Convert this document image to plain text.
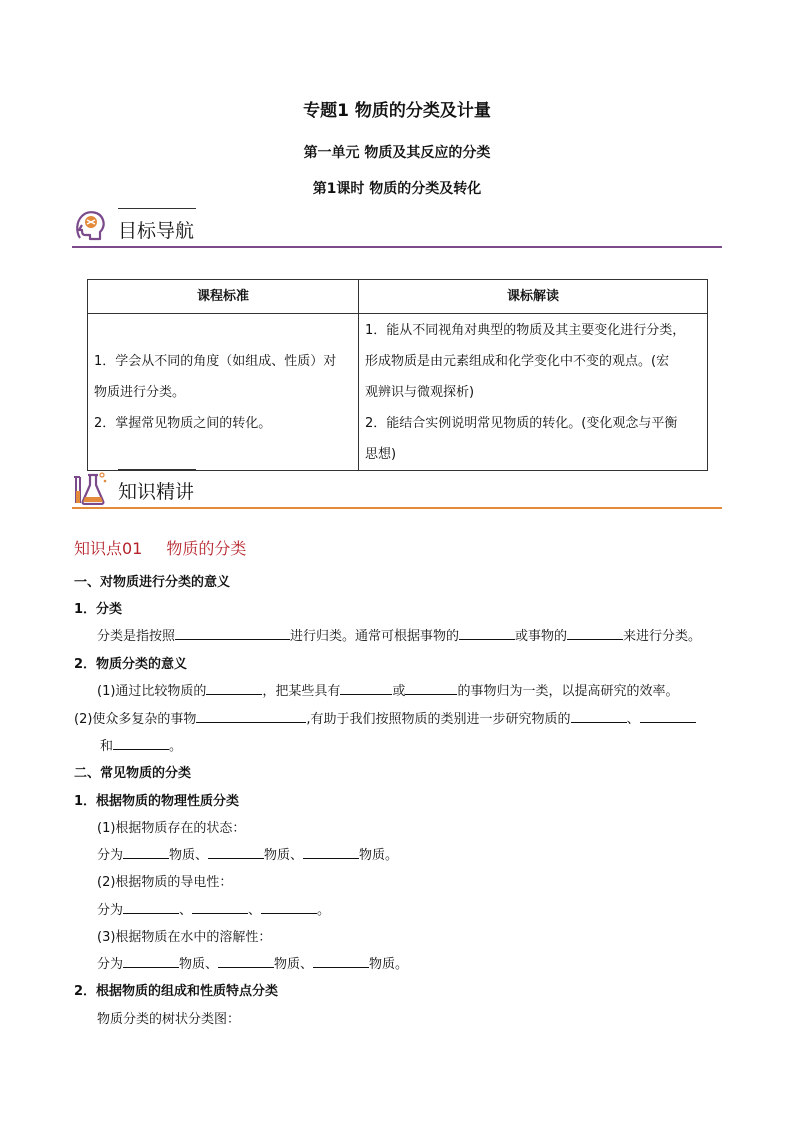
专题1 物质的分类及计量
第一单元 物质及其反应的分类
第1课时 物质的分类及转化
目标导航
课程标准	课标解读

1．学会从不同的角度（如组成、性质）对
物质进行分类。
2．掌握常见物质之间的转化。	1．能从不同视角对典型的物质及其主要变化进行分类，
形成物质是由元素组成和化学变化中不变的观点。(宏
观辨识与微观探析)
2．能结合实例说明常见物质的转化。(变化观念与平衡
思想)
知识精讲
知识点01 物质的分类
一、对物质进行分类的意义
1．分类
分类是指按照	进行归类。通常可根据事物的	或事物的	来进行分类。
2．物质分类的意义
(1)通过比较物质的	，把某些具有	或	的事物归为一类，以提高研究的效率。
(2)使众多复杂的事物	,有助于我们按照物质的类别进一步研究物质的	、
和	。
二、常见物质的分类
1．根据物质的物理性质分类
(1)根据物质存在的状态：
分为	物质、	物质、	物质。
(2)根据物质的导电性：
分为	、	、	。
(3)根据物质在水中的溶解性：
分为	物质、	物质、	物质。
2．根据物质的组成和性质特点分类
物质分类的树状分类图：
